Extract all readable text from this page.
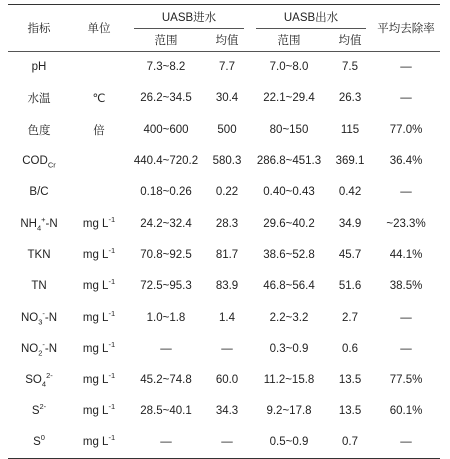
指标	单位	UASB进水		UASB出水		平均去除率
		范围	均值	范围	均值	
pH		7.3~8.2	7.7	7.0~8.0	7.5	—
水温	℃	26.2~34.5	30.4	22.1~29.4	26.3	—
色度	倍	400~600	500	80~150	115	77.0%
$COD_{Cr}$		440.4~720.2	580.3	286.8~451.3	369.1	36.4%
B/C		0.18~0.26	0.22	0.40~0.43	0.42	—
$NH_4^+-N$	mg $L^{-1}$	24.2~32.4	28.3	29.6~40.2	34.9	~23.3%
TKN	mg $L^{-1}$	70.8~92.5	81.7	38.6~52.8	45.7	44.1%
TN	mg $L^{-1}$	72.5~95.3	83.9	46.8~56.4	51.6	38.5%
$NO_3^--N$	mg $L^{-1}$	1.0~1.8	1.4	2.2~3.2	2.7	—
$NO_2^--N$	mg $L^{-1}$	—	—	0.3~0.9	0.6	—
$SO_4^{2-}$	mg $L^{-1}$	45.2~74.8	60.0	11.2~15.8	13.5	77.5%
$S^{2-}$	mg $L^{-1}$	28.5~40.1	34.3	9.2~17.8	13.5	60.1%
$S^0$	mg $L^{-1}$	—	—	0.5~0.9	0.7	—
